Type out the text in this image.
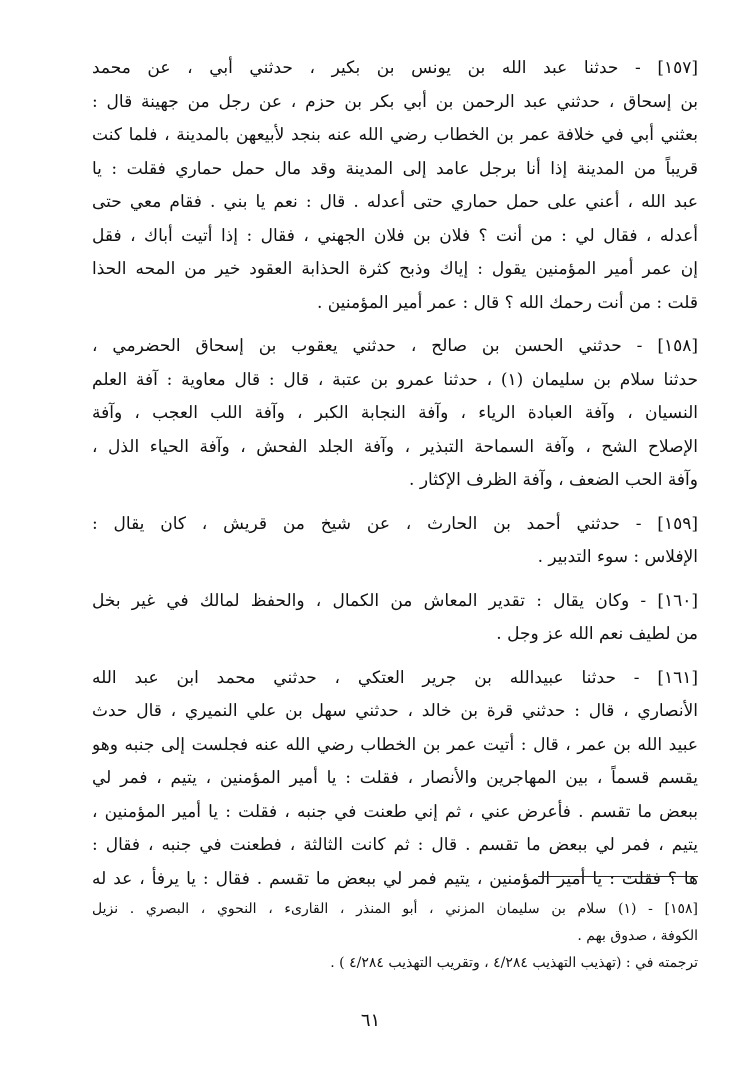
[١٥٧] - حدثنا عبد الله بن يونس بن بكير ، حدثني أبي ، عن محمد
بن إسحاق ، حدثني عبد الرحمن بن أبي بكر بن حزم ، عن رجل من جهينة قال :
بعثني أبي في خلافة عمر بن الخطاب رضي الله عنه بنجد لأبيعهن بالمدينة ، فلما كنت
قريباً من المدينة إذا أنا برجل عامد إلى المدينة وقد مال حمل حماري فقلت : يا
عبد الله ، أعني على حمل حماري حتى أعدله . قال : نعم يا بني . فقام معي حتى
أعدله ، فقال لي : من أنت ؟ فلان بن فلان الجهني ، فقال : إذا أتيت أباك ، فقل
إن عمر أمير المؤمنين يقول : إياك وذبح كثرة الحذابة العقود خير من المحه الحذا
قلت : من أنت رحمك الله ؟ قال : عمر أمير المؤمنين .
[١٥٨] - حدثني الحسن بن صالح ، حدثني يعقوب بن إسحاق الحضرمي ،
حدثنا سلام بن سليمان (١) ، حدثنا عمرو بن عتبة ، قال : قال معاوية : آفة العلم
النسيان ، وآفة العبادة الرياء ، وآفة النجابة الكبر ، وآفة اللب العجب ، وآفة
الإصلاح الشح ، وآفة السماحة التبذير ، وآفة الجلد الفحش ، وآفة الحياء الذل ،
وآفة الحب الضعف ، وآفة الظرف الإكثار .
[١٥٩] - حدثني أحمد بن الحارث ، عن شيخ من قريش ، كان يقال :
الإفلاس : سوء التدبير .
[١٦٠] - وكان يقال : تقدير المعاش من الكمال ، والحفظ لمالك في غير بخل
من لطيف نعم الله عز وجل .
[١٦١] - حدثنا عبيدالله بن جرير العتكي ، حدثني محمد ابن عبد الله
الأنصاري ، قال : حدثني قرة بن خالد ، حدثني سهل بن علي النميري ، قال حدث
عبيد الله بن عمر ، قال : أتيت عمر بن الخطاب رضي الله عنه فجلست إلى جنبه وهو
يقسم قسماً ، بين المهاجرين والأنصار ، فقلت : يا أمير المؤمنين ، يتيم ، فمر لي
ببعض ما تقسم . فأعرض عني ، ثم إني طعنت في جنبه ، فقلت : يا أمير المؤمنين ،
يتيم ، فمر لي ببعض ما تقسم . قال : ثم كانت الثالثة ، فطعنت في جنبه ، فقال :
ها ؟ فقلت : يا أمير المؤمنين ، يتيم فمر لي ببعض ما تقسم . فقال : يا يرفأ ، عد له
[١٥٨] - (١) سلام بن سليمان المزني ، أبو المنذر ، القارىء ، النحوي ، البصري . نزيل
الكوفة ، صدوق بهم .
ترجمته في : (تهذيب التهذيب ٤/٢٨٤ ، وتقريب التهذيب ٤/٢٨٤ ) .
٦١
